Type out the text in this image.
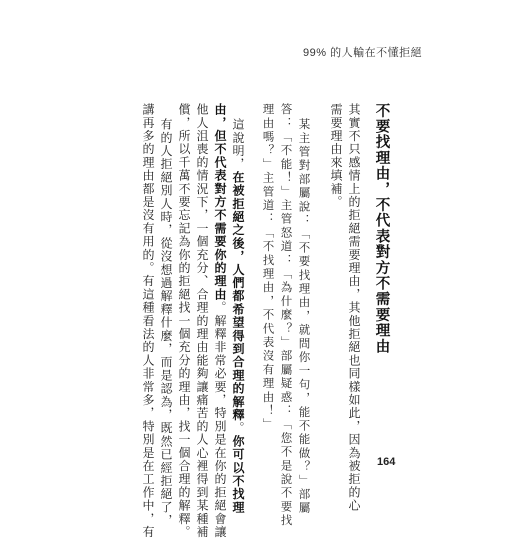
99% 的人輸在不懂拒絕
不要找理由，不代表對方不需要理由
其實不只感情上的拒絕需要理由，其他拒絕也同樣如此，因為被拒的心
需要理由來填補。
某主管對部屬說：「不要找理由，就問你一句，能不能做？」部屬
答：「不能！」主管怒道：「為什麼？」部屬疑惑：「您不是說不要找
理由嗎？」主管道：「不找理由，不代表沒有理由！」
這說明，在被拒絕之後，人們都希望得到合理的解釋。你可以不找理
由，但不代表對方不需要你的理由。解釋非常必要，特別是在你的拒絕會讓
他人沮喪的情況下，一個充分、合理的理由能夠讓痛苦的人心裡得到某種補
償，所以千萬不要忘記為你的拒絕找一個充分的理由，找一個合理的解釋。
有的人拒絕別人時，從沒想過解釋什麼，而是認為，既然已經拒絕了，
講再多的理由都是沒有用的。有這種看法的人非常多，特別是在工作中，有	164
